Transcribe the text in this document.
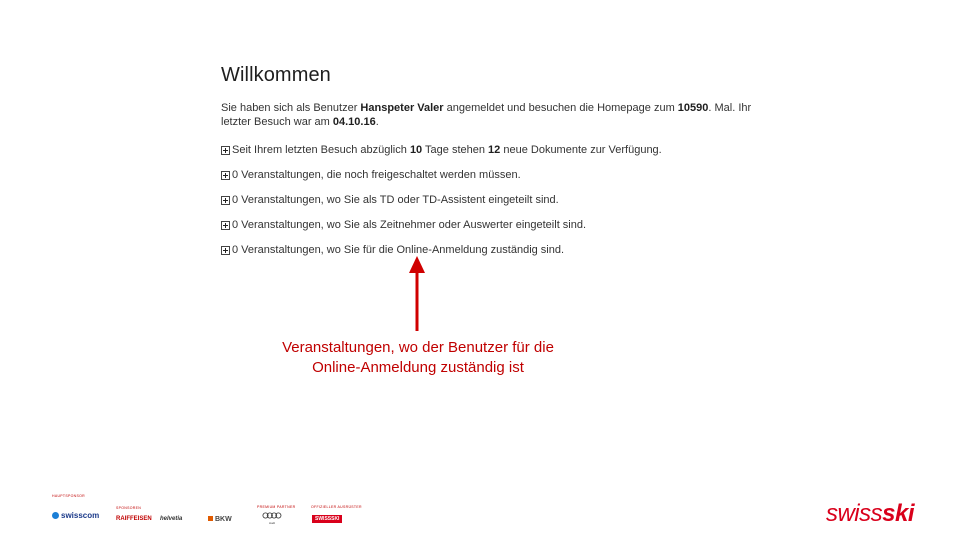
Willkommen

Sie haben sich als Benutzer Hanspeter Valer angemeldet und besuchen die Homepage zum 10590. Mal. Ihr letzter Besuch war am 04.10.16.

Seit Ihrem letzten Besuch abzüglich 10 Tage stehen 12 neue Dokumente zur Verfügung.
0 Veranstaltungen, die noch freigeschaltet werden müssen.
0 Veranstaltungen, wo Sie als TD oder TD-Assistent eingeteilt sind.
0 Veranstaltungen, wo Sie als Zeitnehmer oder Auswerter eingeteilt sind.
0 Veranstaltungen, wo Sie für die Online-Anmeldung zuständig sind.
Veranstaltungen, wo der Benutzer für die
Online-Anmeldung zuständig ist
HAUPTSPONSOR
swisscom
SPONSOREN
RAIFFEISEN helvetia	BKW
PREMIUM PARTNER
Audi
OFFIZIELLER AUSRÜSTER
SWISSSKI	swissski
